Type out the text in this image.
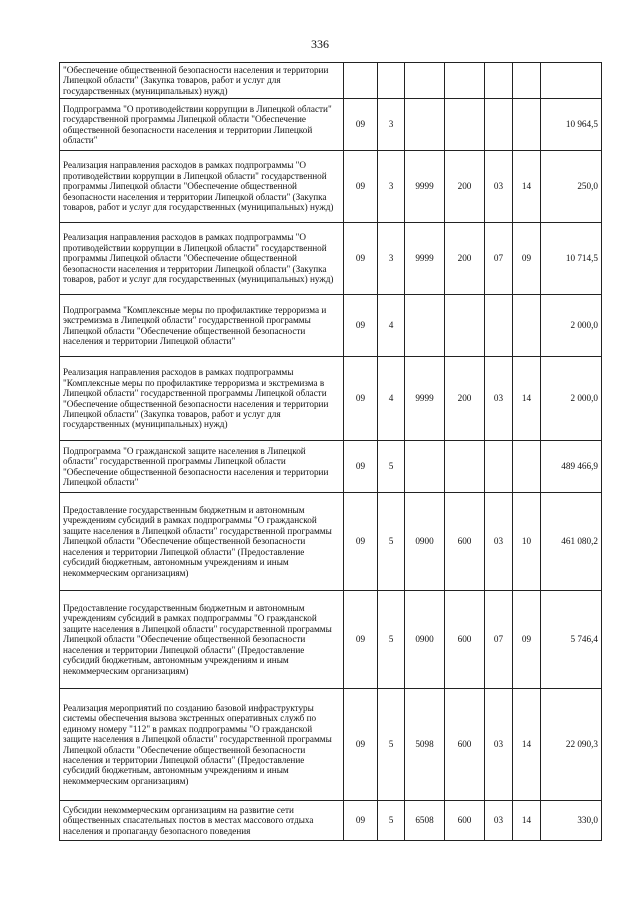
336
"Обеспечение общественной безопасности населения и территории Липецкой области" (Закупка товаров, работ и услуг для государственных (муниципальных) нужд)							
Подпрограмма "О противодействии коррупции в Липецкой области" государственной программы Липецкой области "Обеспечение общественной безопасности населения и территории Липецкой области"	09	3					10 964,5
Реализация направления расходов в рамках подпрограммы "О противодействии коррупции в Липецкой области" государственной программы Липецкой области "Обеспечение общественной безопасности населения и территории Липецкой области" (Закупка товаров, работ и услуг для государственных (муниципальных) нужд)	09	3	9999	200	03	14	250,0
Реализация направления расходов в рамках подпрограммы "О противодействии коррупции в Липецкой области" государственной программы Липецкой области "Обеспечение общественной безопасности населения и территории Липецкой области" (Закупка товаров, работ и услуг для государственных (муниципальных) нужд)	09	3	9999	200	07	09	10 714,5
Подпрограмма "Комплексные меры по профилактике терроризма и экстремизма в Липецкой области" государственной программы Липецкой области "Обеспечение общественной безопасности населения и территории Липецкой области"	09	4					2 000,0
Реализация направления расходов в рамках подпрограммы "Комплексные меры по профилактике терроризма и экстремизма в Липецкой области" государственной программы Липецкой области "Обеспечение общественной безопасности населения и территории Липецкой области" (Закупка товаров, работ и услуг для государственных (муниципальных) нужд)	09	4	9999	200	03	14	2 000,0
Подпрограмма "О гражданской защите населения в Липецкой области" государственной программы Липецкой области "Обеспечение общественной безопасности населения и территории Липецкой области"	09	5					489 466,9
Предоставление государственным бюджетным и автономным учреждениям субсидий в рамках подпрограммы "О гражданской защите населения в Липецкой области" государственной программы Липецкой области "Обеспечение общественной безопасности населения и территории Липецкой области" (Предоставление субсидий бюджетным, автономным учреждениям и иным некоммерческим организациям)	09	5	0900	600	03	10	461 080,2
Предоставление государственным бюджетным и автономным учреждениям субсидий в рамках подпрограммы "О гражданской защите населения в Липецкой области" государственной программы Липецкой области "Обеспечение общественной безопасности населения и территории Липецкой области" (Предоставление субсидий бюджетным, автономным учреждениям и иным некоммерческим организациям)	09	5	0900	600	07	09	5 746,4
Реализация мероприятий по созданию базовой инфраструктуры системы обеспечения вызова экстренных оперативных служб по единому номеру "112" в рамках подпрограммы "О гражданской защите населения в Липецкой области" государственной программы Липецкой области "Обеспечение общественной безопасности населения и территории Липецкой области" (Предоставление субсидий бюджетным, автономным учреждениям и иным некоммерческим организациям)	09	5	5098	600	03	14	22 090,3
Субсидии некоммерческим организациям на развитие сети общественных спасательных постов в местах массового отдыха населения и пропаганду безопасного поведения	09	5	6508	600	03	14	330,0
